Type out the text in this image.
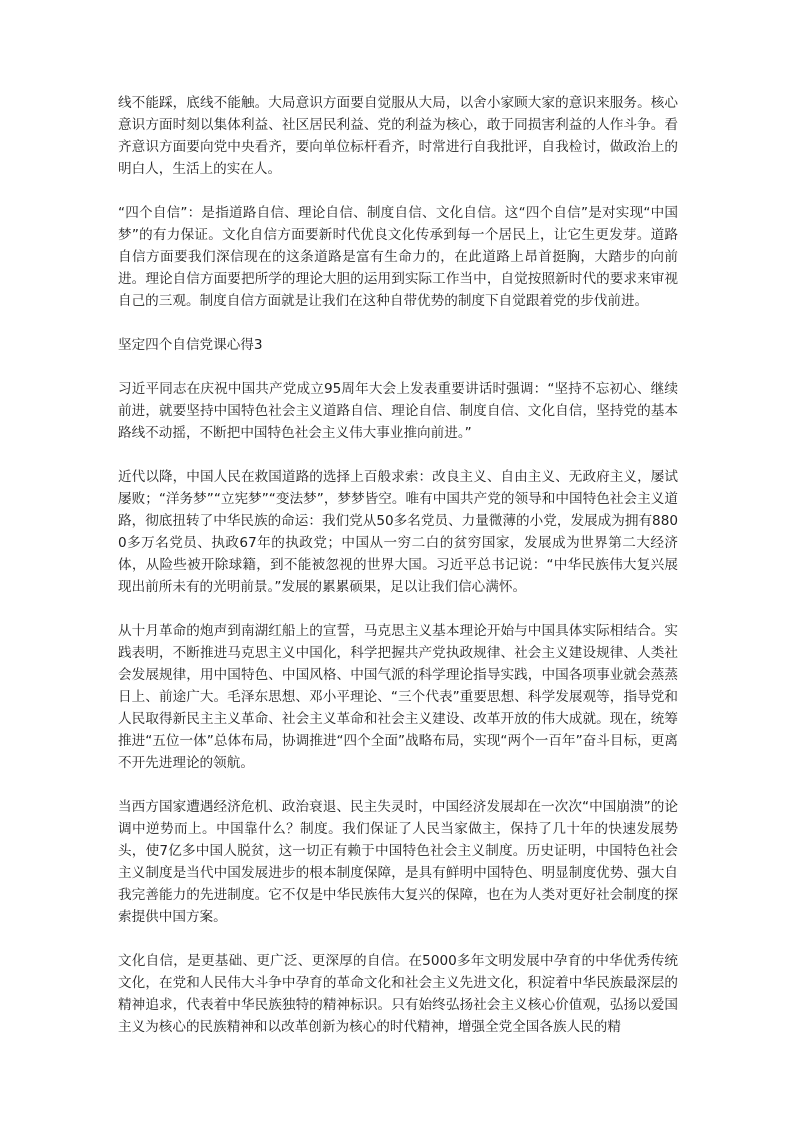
线不能踩，底线不能触。大局意识方面要自觉服从大局，以舍小家顾大家的意识来服务。核心意识方面时刻以集体利益、社区居民利益、党的利益为核心，敢于同损害利益的人作斗争。看齐意识方面要向党中央看齐，要向单位标杆看齐，时常进行自我批评，自我检讨，做政治上的明白人，生活上的实在人。

“四个自信”：是指道路自信、理论自信、制度自信、文化自信。这“四个自信”是对实现“中国梦”的有力保证。文化自信方面要新时代优良文化传承到每一个居民上，让它生更发芽。道路自信方面要我们深信现在的这条道路是富有生命力的，在此道路上昂首挺胸，大踏步的向前进。理论自信方面要把所学的理论大胆的运用到实际工作当中，自觉按照新时代的要求来审视自己的三观。制度自信方面就是让我们在这种自带优势的制度下自觉跟着党的步伐前进。

坚定四个自信党课心得3

习近平同志在庆祝中国共产党成立95周年大会上发表重要讲话时强调：“坚持不忘初心、继续前进，就要坚持中国特色社会主义道路自信、理论自信、制度自信、文化自信，坚持党的基本路线不动摇，不断把中国特色社会主义伟大事业推向前进。”

近代以降，中国人民在救国道路的选择上百般求索：改良主义、自由主义、无政府主义，屡试屡败；“洋务梦”“立宪梦”“变法梦”，梦梦皆空。唯有中国共产党的领导和中国特色社会主义道路，彻底扭转了中华民族的命运：我们党从50多名党员、力量微薄的小党，发展成为拥有8800多万名党员、执政67年的执政党；中国从一穷二白的贫穷国家，发展成为世界第二大经济体，从险些被开除球籍，到不能被忽视的世界大国。习近平总书记说：“中华民族伟大复兴展现出前所未有的光明前景。”发展的累累硕果，足以让我们信心满怀。

从十月革命的炮声到南湖红船上的宣誓，马克思主义基本理论开始与中国具体实际相结合。实践表明，不断推进马克思主义中国化，科学把握共产党执政规律、社会主义建设规律、人类社会发展规律，用中国特色、中国风格、中国气派的科学理论指导实践，中国各项事业就会蒸蒸日上、前途广大。毛泽东思想、邓小平理论、“三个代表”重要思想、科学发展观等，指导党和人民取得新民主主义革命、社会主义革命和社会主义建设、改革开放的伟大成就。现在，统筹推进“五位一体”总体布局，协调推进“四个全面”战略布局，实现“两个一百年”奋斗目标，更离不开先进理论的领航。

当西方国家遭遇经济危机、政治衰退、民主失灵时，中国经济发展却在一次次“中国崩溃”的论调中逆势而上。中国靠什么？制度。我们保证了人民当家做主，保持了几十年的快速发展势头，使7亿多中国人脱贫，这一切正有赖于中国特色社会主义制度。历史证明，中国特色社会主义制度是当代中国发展进步的根本制度保障，是具有鲜明中国特色、明显制度优势、强大自我完善能力的先进制度。它不仅是中华民族伟大复兴的保障，也在为人类对更好社会制度的探索提供中国方案。

文化自信，是更基础、更广泛、更深厚的自信。在5000多年文明发展中孕育的中华优秀传统文化，在党和人民伟大斗争中孕育的革命文化和社会主义先进文化，积淀着中华民族最深层的精神追求，代表着中华民族独特的精神标识。只有始终弘扬社会主义核心价值观，弘扬以爱国主义为核心的民族精神和以改革创新为核心的时代精神，增强全党全国各族人民的精
